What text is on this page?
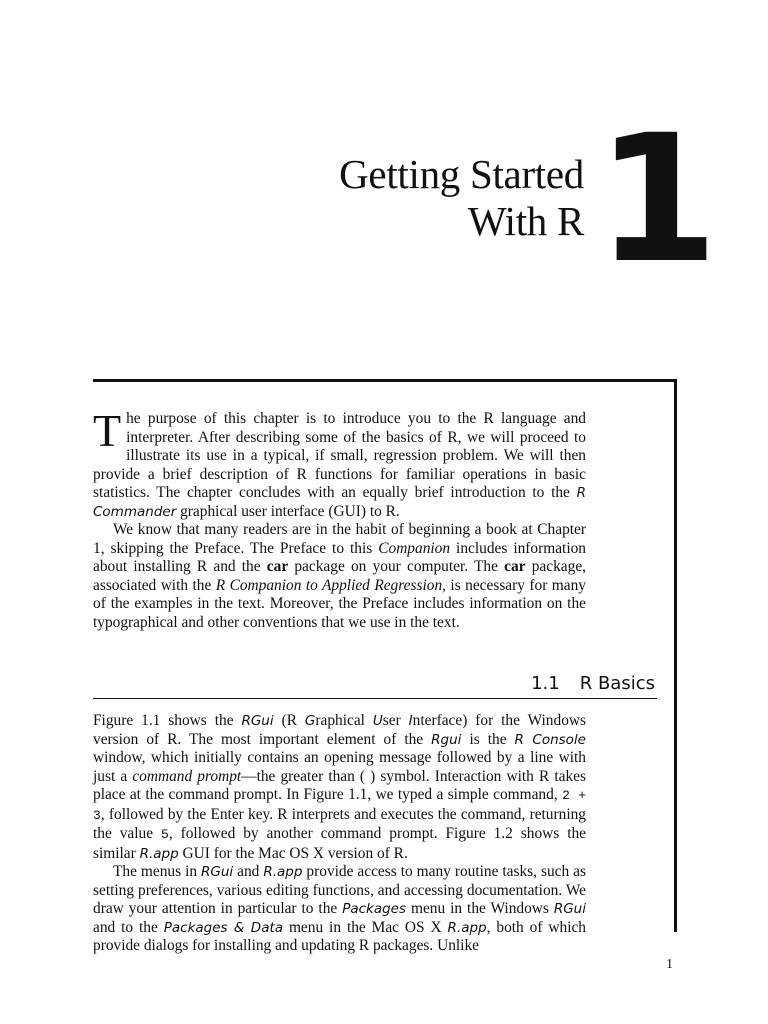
Getting Started
With R 1

The purpose of this chapter is to introduce you to the R language and interpreter. After describing some of the basics of R, we will proceed to illustrate its use in a typical, if small, regression problem. We will then provide a brief description of R functions for familiar operations in basic statistics. The chapter concludes with an equally brief introduction to the R Commander graphical user interface (GUI) to R.

We know that many readers are in the habit of beginning a book at Chapter 1, skipping the Preface. The Preface to this Companion includes information about installing R and the car package on your computer. The car package, associated with the R Companion to Applied Regression, is necessary for many of the examples in the text. Moreover, the Preface includes information on the typographical and other conventions that we use in the text.

1.1 R Basics

Figure 1.1 shows the RGui (R Graphical User Interface) for the Windows version of R. The most important element of the Rgui is the R Console window, which initially contains an opening message followed by a line with just a command prompt—the greater than ( ) symbol. Interaction with R takes place at the command prompt. In Figure 1.1, we typed a simple command, 2 + 3, followed by the Enter key. R interprets and executes the command, returning the value 5, followed by another command prompt. Figure 1.2 shows the similar R.app GUI for the Mac OS X version of R.

The menus in RGui and R.app provide access to many routine tasks, such as setting preferences, various editing functions, and accessing documentation. We draw your attention in particular to the Packages menu in the Windows RGui and to the Packages & Data menu in the Mac OS X R.app, both of which provide dialogs for installing and updating R packages. Unlike

1
